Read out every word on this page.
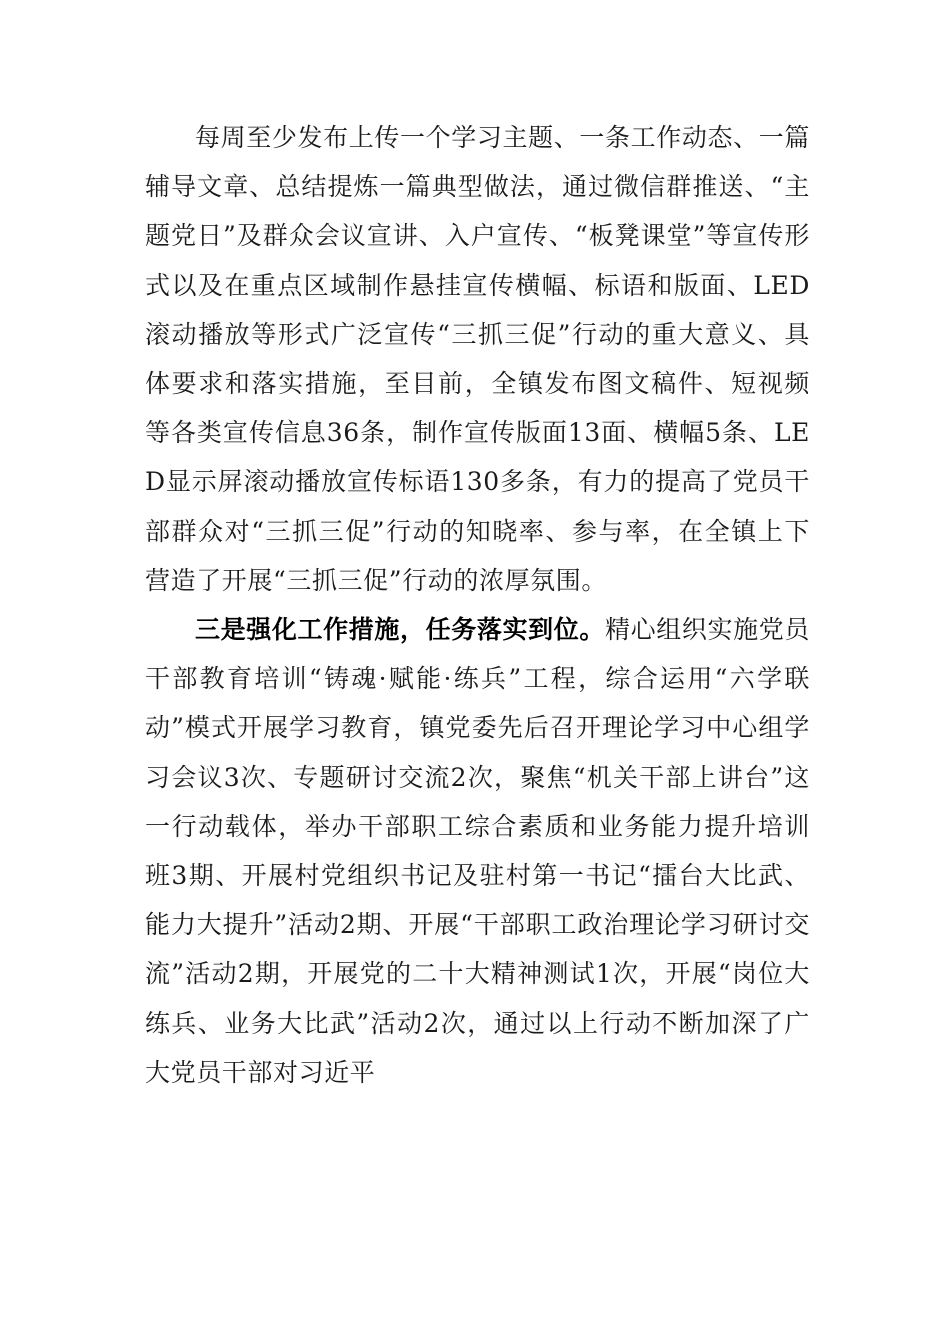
每周至少发布上传一个学习主题、一条工作动态、一篇辅导文章、总结提炼一篇典型做法，通过微信群推送、“主题党日”及群众会议宣讲、入户宣传、“板凳课堂”等宣传形式以及在重点区域制作悬挂宣传横幅、标语和版面、LED滚动播放等形式广泛宣传“三抓三促”行动的重大意义、具体要求和落实措施，至目前，全镇发布图文稿件、短视频等各类宣传信息36条，制作宣传版面13面、横幅5条、LED显示屏滚动播放宣传标语130多条，有力的提高了党员干部群众对“三抓三促”行动的知晓率、参与率，在全镇上下营造了开展“三抓三促”行动的浓厚氛围。

三是强化工作措施，任务落实到位。精心组织实施党员干部教育培训“铸魂·赋能·练兵”工程，综合运用“六学联动”模式开展学习教育，镇党委先后召开理论学习中心组学习会议3次、专题研讨交流2次，聚焦“机关干部上讲台”这一行动载体，举办干部职工综合素质和业务能力提升培训班3期、开展村党组织书记及驻村第一书记“擂台大比武、能力大提升”活动2期、开展“干部职工政治理论学习研讨交流”活动2期，开展党的二十大精神测试1次，开展“岗位大练兵、业务大比武”活动2次，通过以上行动不断加深了广大党员干部对习近平
